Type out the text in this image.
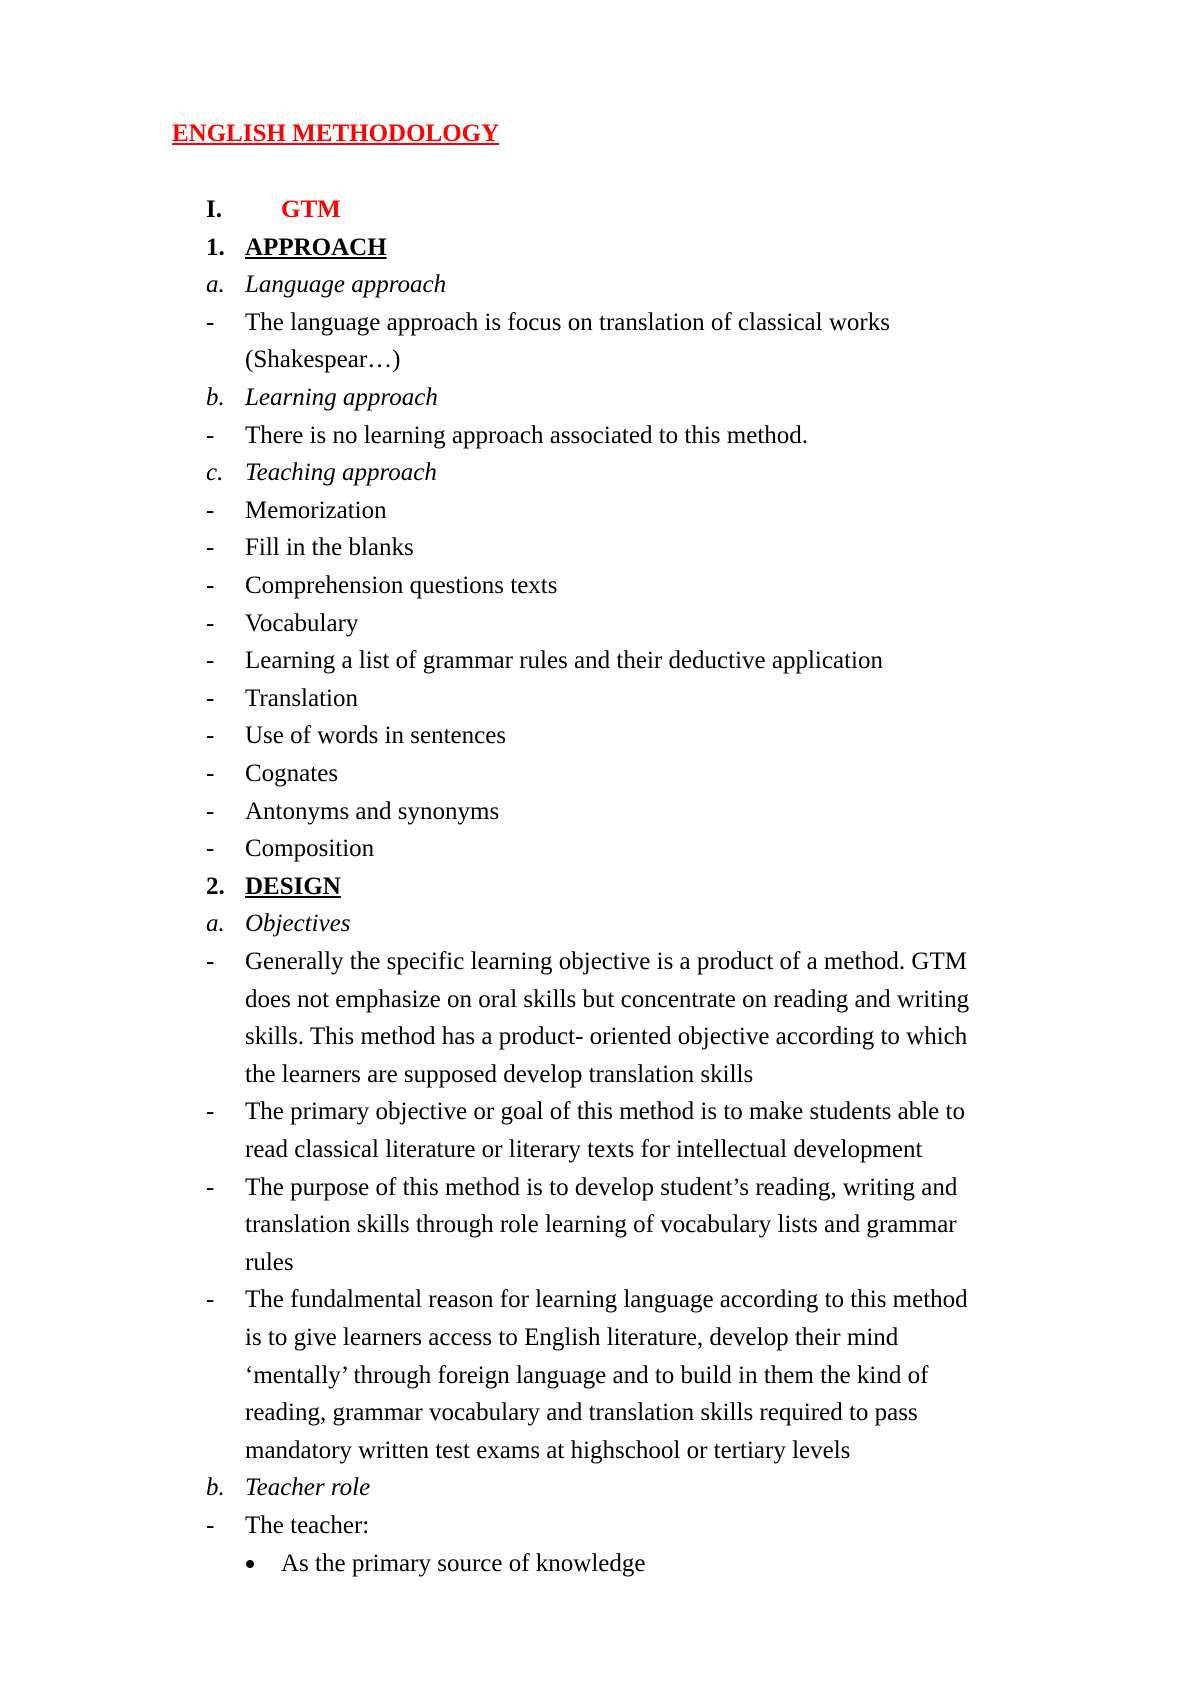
ENGLISH METHODOLOGY
I. GTM
1. APPROACH
a. Language approach
- The language approach is focus on translation of classical works
(Shakespear…)
b. Learning approach
- There is no learning approach associated to this method.
c. Teaching approach
- Memorization
- Fill in the blanks
- Comprehension questions texts
- Vocabulary
- Learning a list of grammar rules and their deductive application
- Translation
- Use of words in sentences
- Cognates
- Antonyms and synonyms
- Composition
2. DESIGN
a. Objectives
- Generally the specific learning objective is a product of a method. GTM
does not emphasize on oral skills but concentrate on reading and writing
skills. This method has a product- oriented objective according to which
the learners are supposed develop translation skills
- The primary objective or goal of this method is to make students able to
read classical literature or literary texts for intellectual development
- The purpose of this method is to develop student’s reading, writing and
translation skills through role learning of vocabulary lists and grammar
rules
- The fundalmental reason for learning language according to this method
is to give learners access to English literature, develop their mind
‘mentally’ through foreign language and to build in them the kind of
reading, grammar vocabulary and translation skills required to pass
mandatory written test exams at highschool or tertiary levels
b. Teacher role
- The teacher:
As the primary source of knowledge
